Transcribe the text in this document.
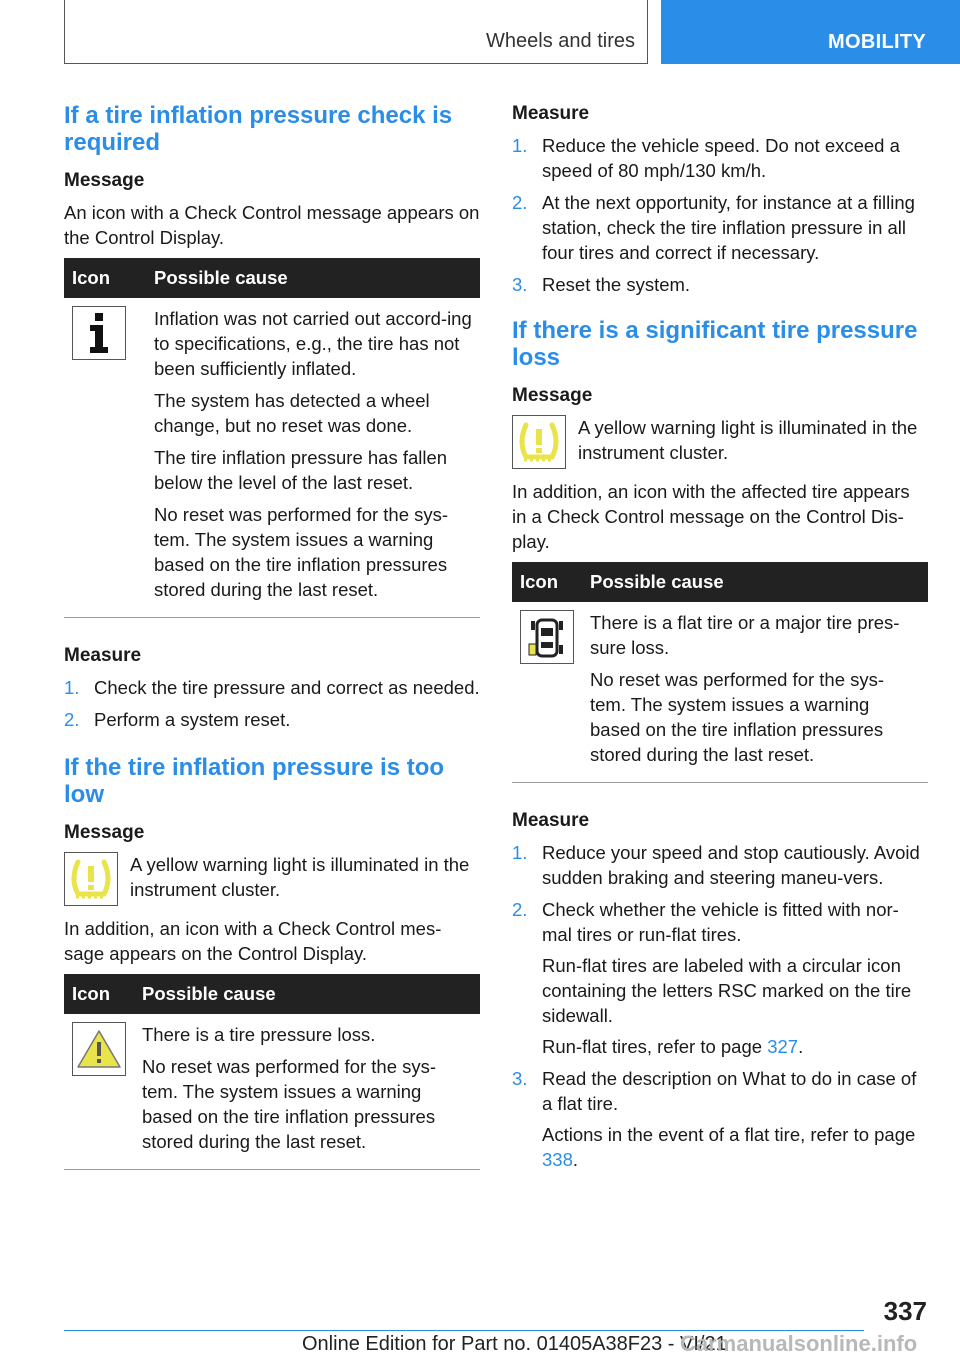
Wheels and tires	MOBILITY
If a tire inflation pressure check is required
Message

An icon with a Check Control message appears on the Control Display.

Icon	Possible cause

Inflation was not carried out accord-ing to specifications, e.g., the tire has not been sufficiently inflated.

The system has detected a wheel change, but no reset was done.

The tire inflation pressure has fallen below the level of the last reset.

No reset was performed for the sys-tem. The system issues a warning based on the tire inflation pressures stored during the last reset.

Measure
1. Check the tire pressure and correct as needed.
2. Perform a system reset.
If the tire inflation pressure is too low
Message

A yellow warning light is illuminated in the instrument cluster.

In addition, an icon with a Check Control mes-sage appears on the Control Display.

Icon	Possible cause

There is a tire pressure loss.

No reset was performed for the sys-tem. The system issues a warning based on the tire inflation pressures stored during the last reset.

Measure
1. Reduce the vehicle speed. Do not exceed a speed of 80 mph/130 km/h.
2. At the next opportunity, for instance at a filling station, check the tire inflation pressure in all four tires and correct if necessary.
3. Reset the system.
If there is a significant tire pressure loss
Message

A yellow warning light is illuminated in the instrument cluster.

In addition, an icon with the affected tire appears in a Check Control message on the Control Dis-play.

Icon	Possible cause

There is a flat tire or a major tire pres-sure loss.

No reset was performed for the sys-tem. The system issues a warning based on the tire inflation pressures stored during the last reset.

Measure
1. Reduce your speed and stop cautiously. Avoid sudden braking and steering maneu-vers.
2. Check whether the vehicle is fitted with nor-mal tires or run-flat tires.

Run-flat tires are labeled with a circular icon containing the letters RSC marked on the tire sidewall.

Run-flat tires, refer to page 327.

3. Read the description on What to do in case of a flat tire.

Actions in the event of a flat tire, refer to page 338.

337
Online Edition for Part no. 01405A38F23 - VI/21
Carmanualsonline.info
